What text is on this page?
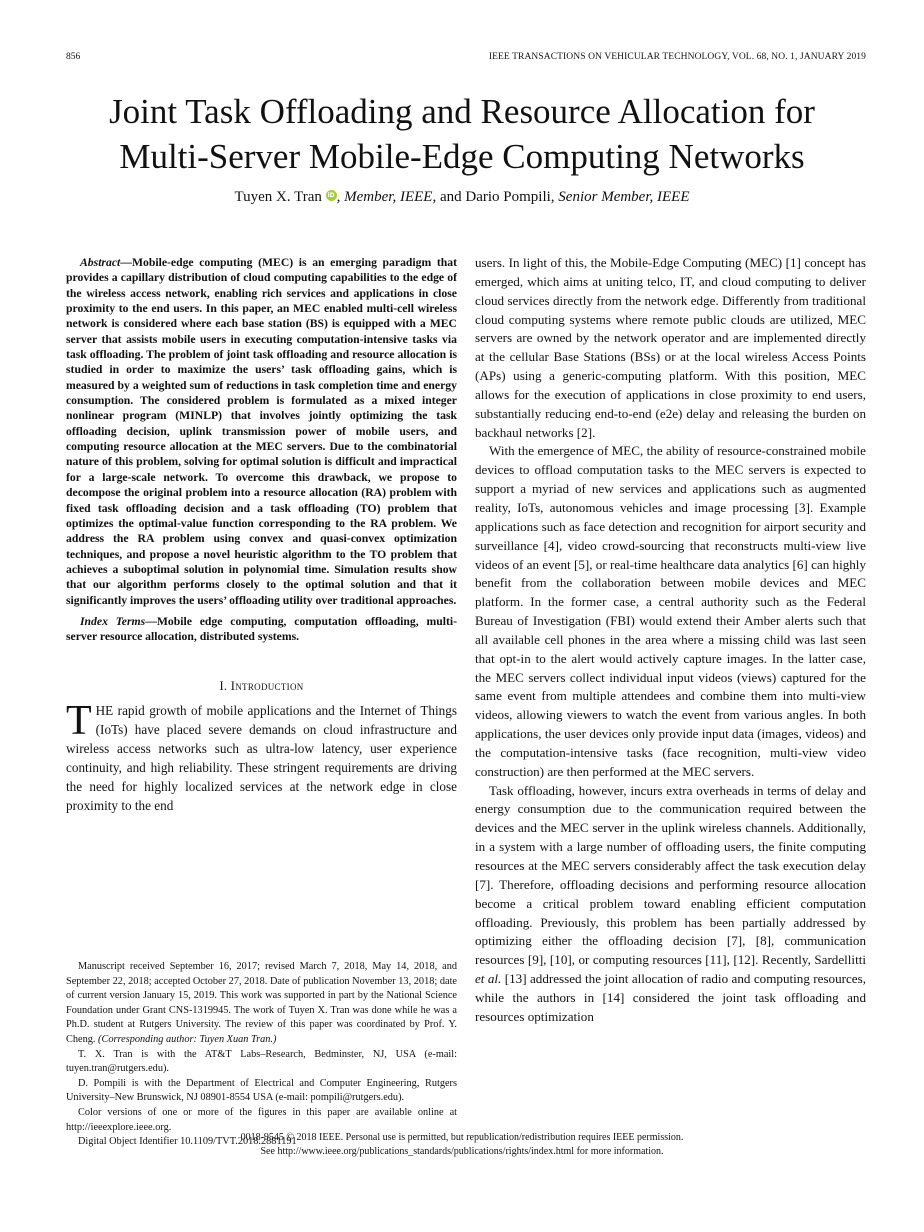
856	IEEE TRANSACTIONS ON VEHICULAR TECHNOLOGY, VOL. 68, NO. 1, JANUARY 2019
Joint Task Offloading and Resource Allocation for
Multi-Server Mobile-Edge Computing Networks
Tuyen X. Tran iD , Member, IEEE, and Dario Pompili, Senior Member, IEEE

Abstract—Mobile-edge computing (MEC) is an emerging paradigm that provides a capillary distribution of cloud computing capabilities to the edge of the wireless access network, enabling rich services and applications in close proximity to the end users. In this paper, an MEC enabled multi-cell wireless network is considered where each base station (BS) is equipped with a MEC server that assists mobile users in executing computation-intensive tasks via task offloading. The problem of joint task offloading and resource allocation is studied in order to maximize the users’ task offloading gains, which is measured by a weighted sum of reductions in task completion time and energy consumption. The considered problem is formulated as a mixed integer nonlinear program (MINLP) that involves jointly optimizing the task offloading decision, uplink transmission power of mobile users, and computing resource allocation at the MEC servers. Due to the combinatorial nature of this problem, solving for optimal solution is difficult and impractical for a large-scale network. To overcome this drawback, we propose to decompose the original problem into a resource allocation (RA) problem with fixed task offloading decision and a task offloading (TO) problem that optimizes the optimal-value function corresponding to the RA problem. We address the RA problem using convex and quasi-convex optimization techniques, and propose a novel heuristic algorithm to the TO problem that achieves a suboptimal solution in polynomial time. Simulation results show that our algorithm performs closely to the optimal solution and that it significantly improves the users’ offloading utility over traditional approaches.

Index Terms—Mobile edge computing, computation offloading, multi-server resource allocation, distributed systems.

I. Introduction

THE rapid growth of mobile applications and the Internet of Things (IoTs) have placed severe demands on cloud infrastructure and wireless access networks such as ultra-low latency, user experience continuity, and high reliability. These stringent requirements are driving the need for highly localized services at the network edge in close proximity to the end

Manuscript received September 16, 2017; revised March 7, 2018, May 14, 2018, and September 22, 2018; accepted October 27, 2018. Date of publication November 13, 2018; date of current version January 15, 2019. This work was supported in part by the National Science Foundation under Grant CNS-1319945. The work of Tuyen X. Tran was done while he was a Ph.D. student at Rutgers University. The review of this paper was coordinated by Prof. Y. Cheng. (Corresponding author: Tuyen Xuan Tran.)

T. X. Tran is with the AT&T Labs–Research, Bedminster, NJ, USA (e-mail: tuyen.tran@rutgers.edu).

D. Pompili is with the Department of Electrical and Computer Engineering, Rutgers University–New Brunswick, NJ 08901-8554 USA (e-mail: pompili@rutgers.edu).

Color versions of one or more of the figures in this paper are available online at http://ieeexplore.ieee.org.

Digital Object Identifier 10.1109/TVT.2018.2881191

users. In light of this, the Mobile-Edge Computing (MEC) [1] concept has emerged, which aims at uniting telco, IT, and cloud computing to deliver cloud services directly from the network edge. Differently from traditional cloud computing systems where remote public clouds are utilized, MEC servers are owned by the network operator and are implemented directly at the cellular Base Stations (BSs) or at the local wireless Access Points (APs) using a generic-computing platform. With this position, MEC allows for the execution of applications in close proximity to end users, substantially reducing end-to-end (e2e) delay and releasing the burden on backhaul networks [2].

With the emergence of MEC, the ability of resource-constrained mobile devices to offload computation tasks to the MEC servers is expected to support a myriad of new services and applications such as augmented reality, IoTs, autonomous vehicles and image processing [3]. Example applications such as face detection and recognition for airport security and surveillance [4], video crowd-sourcing that reconstructs multi-view live videos of an event [5], or real-time healthcare data analytics [6] can highly benefit from the collaboration between mobile devices and MEC platform. In the former case, a central authority such as the Federal Bureau of Investigation (FBI) would extend their Amber alerts such that all available cell phones in the area where a missing child was last seen that opt-in to the alert would actively capture images. In the latter case, the MEC servers collect individual input videos (views) captured for the same event from multiple attendees and combine them into multi-view videos, allowing viewers to watch the event from various angles. In both applications, the user devices only provide input data (images, videos) and the computation-intensive tasks (face recognition, multi-view video construction) are then performed at the MEC servers.

Task offloading, however, incurs extra overheads in terms of delay and energy consumption due to the communication required between the devices and the MEC server in the uplink wireless channels. Additionally, in a system with a large number of offloading users, the finite computing resources at the MEC servers considerably affect the task execution delay [7]. Therefore, offloading decisions and performing resource allocation become a critical problem toward enabling efficient computation offloading. Previously, this problem has been partially addressed by optimizing either the offloading decision [7], [8], communication resources [9], [10], or computing resources [11], [12]. Recently, Sardellitti et al. [13] addressed the joint allocation of radio and computing resources, while the authors in [14] considered the joint task offloading and resources optimization

0018-9545 © 2018 IEEE. Personal use is permitted, but republication/redistribution requires IEEE permission.
See http://www.ieee.org/publications_standards/publications/rights/index.html for more information.
